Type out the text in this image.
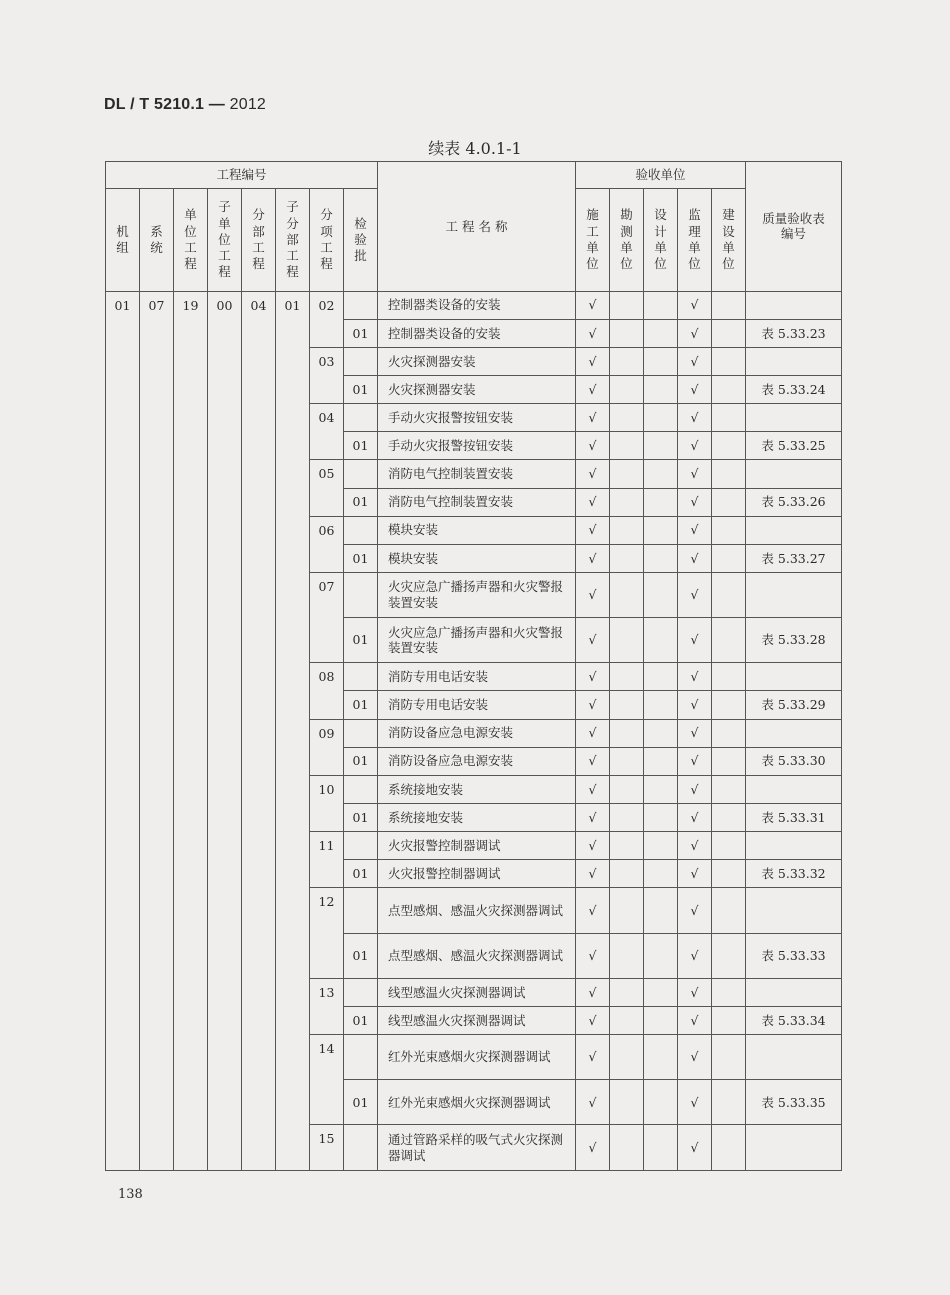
DL / T 5210.1 — 2012
续表 4.0.1-1
工程编号								工 程 名 称	验收单位					质量验收表编号
机组	系统	单位工程	子单位工程	分部工程	子分部工程	分项工程	检验批		施工单位	勘测单位	设计单位	监理单位	建设单位	
01	07	19	00	04	01	02		控制器类设备的安装	√			√		
							01	控制器类设备的安装	√			√		表 5.33.23
						03		火灾探测器安装	√			√		
							01	火灾探测器安装	√			√		表 5.33.24
						04		手动火灾报警按钮安装	√			√		
							01	手动火灾报警按钮安装	√			√		表 5.33.25
						05		消防电气控制装置安装	√			√		
							01	消防电气控制装置安装	√			√		表 5.33.26
						06		模块安装	√			√		
							01	模块安装	√			√		表 5.33.27
						07		火灾应急广播扬声器和火灾警报装置安装	√			√		
							01	火灾应急广播扬声器和火灾警报装置安装	√			√		表 5.33.28
						08		消防专用电话安装	√			√		
							01	消防专用电话安装	√			√		表 5.33.29
						09		消防设备应急电源安装	√			√		
							01	消防设备应急电源安装	√			√		表 5.33.30
						10		系统接地安装	√			√		
							01	系统接地安装	√			√		表 5.33.31
						11		火灾报警控制器调试	√			√		
							01	火灾报警控制器调试	√			√		表 5.33.32
						12		点型感烟、感温火灾探测器调试	√			√		
							01	点型感烟、感温火灾探测器调试	√			√		表 5.33.33
						13		线型感温火灾探测器调试	√			√		
							01	线型感温火灾探测器调试	√			√		表 5.33.34
						14		红外光束感烟火灾探测器调试	√			√		
							01	红外光束感烟火灾探测器调试	√			√		表 5.33.35
						15		通过管路采样的吸气式火灾探测器调试	√			√		
138
